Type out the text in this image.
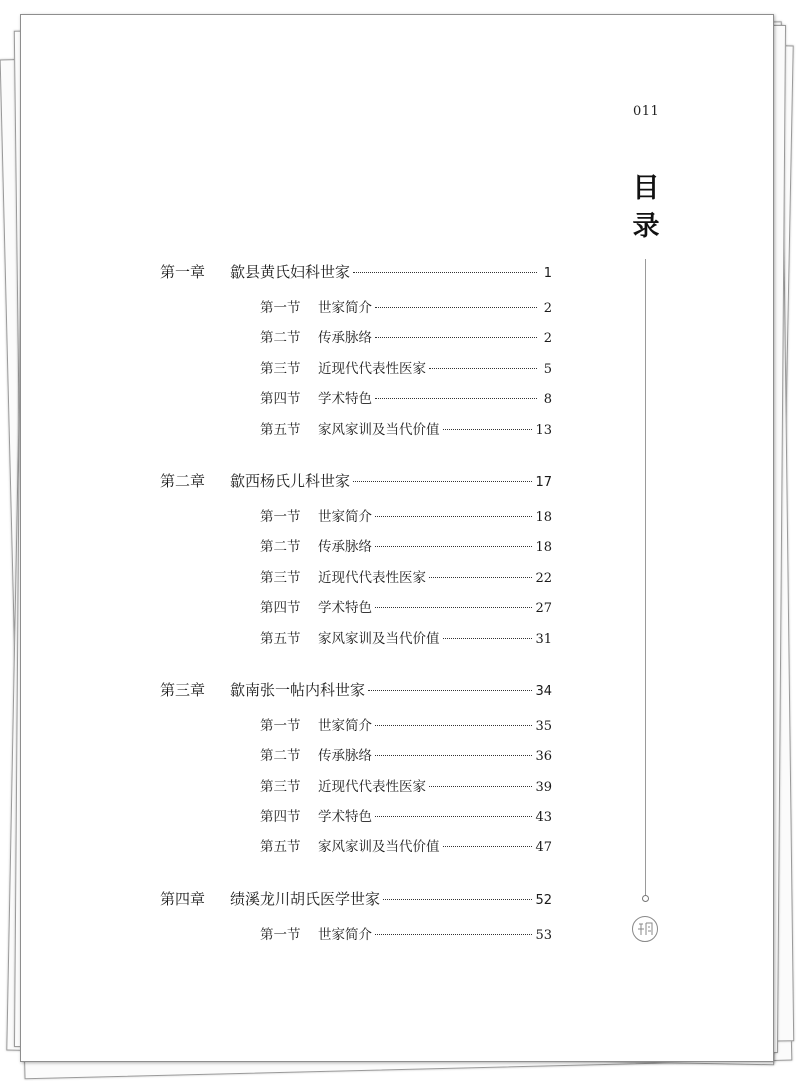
011
目
录
第一章	歙县黄氏妇科世家	1
第一节	世家简介	2
第二节	传承脉络	2
第三节	近现代代表性医家	5
第四节	学术特色	8
第五节	家风家训及当代价值	13
第二章	歙西杨氏儿科世家	17
第一节	世家简介	18
第二节	传承脉络	18
第三节	近现代代表性医家	22
第四节	学术特色	27
第五节	家风家训及当代价值	31
第三章	歙南张一帖内科世家	34
第一节	世家简介	35
第二节	传承脉络	36
第三节	近现代代表性医家	39
第四节	学术特色	43
第五节	家风家训及当代价值	47
第四章	绩溪龙川胡氏医学世家	52
第一节	世家简介	53
